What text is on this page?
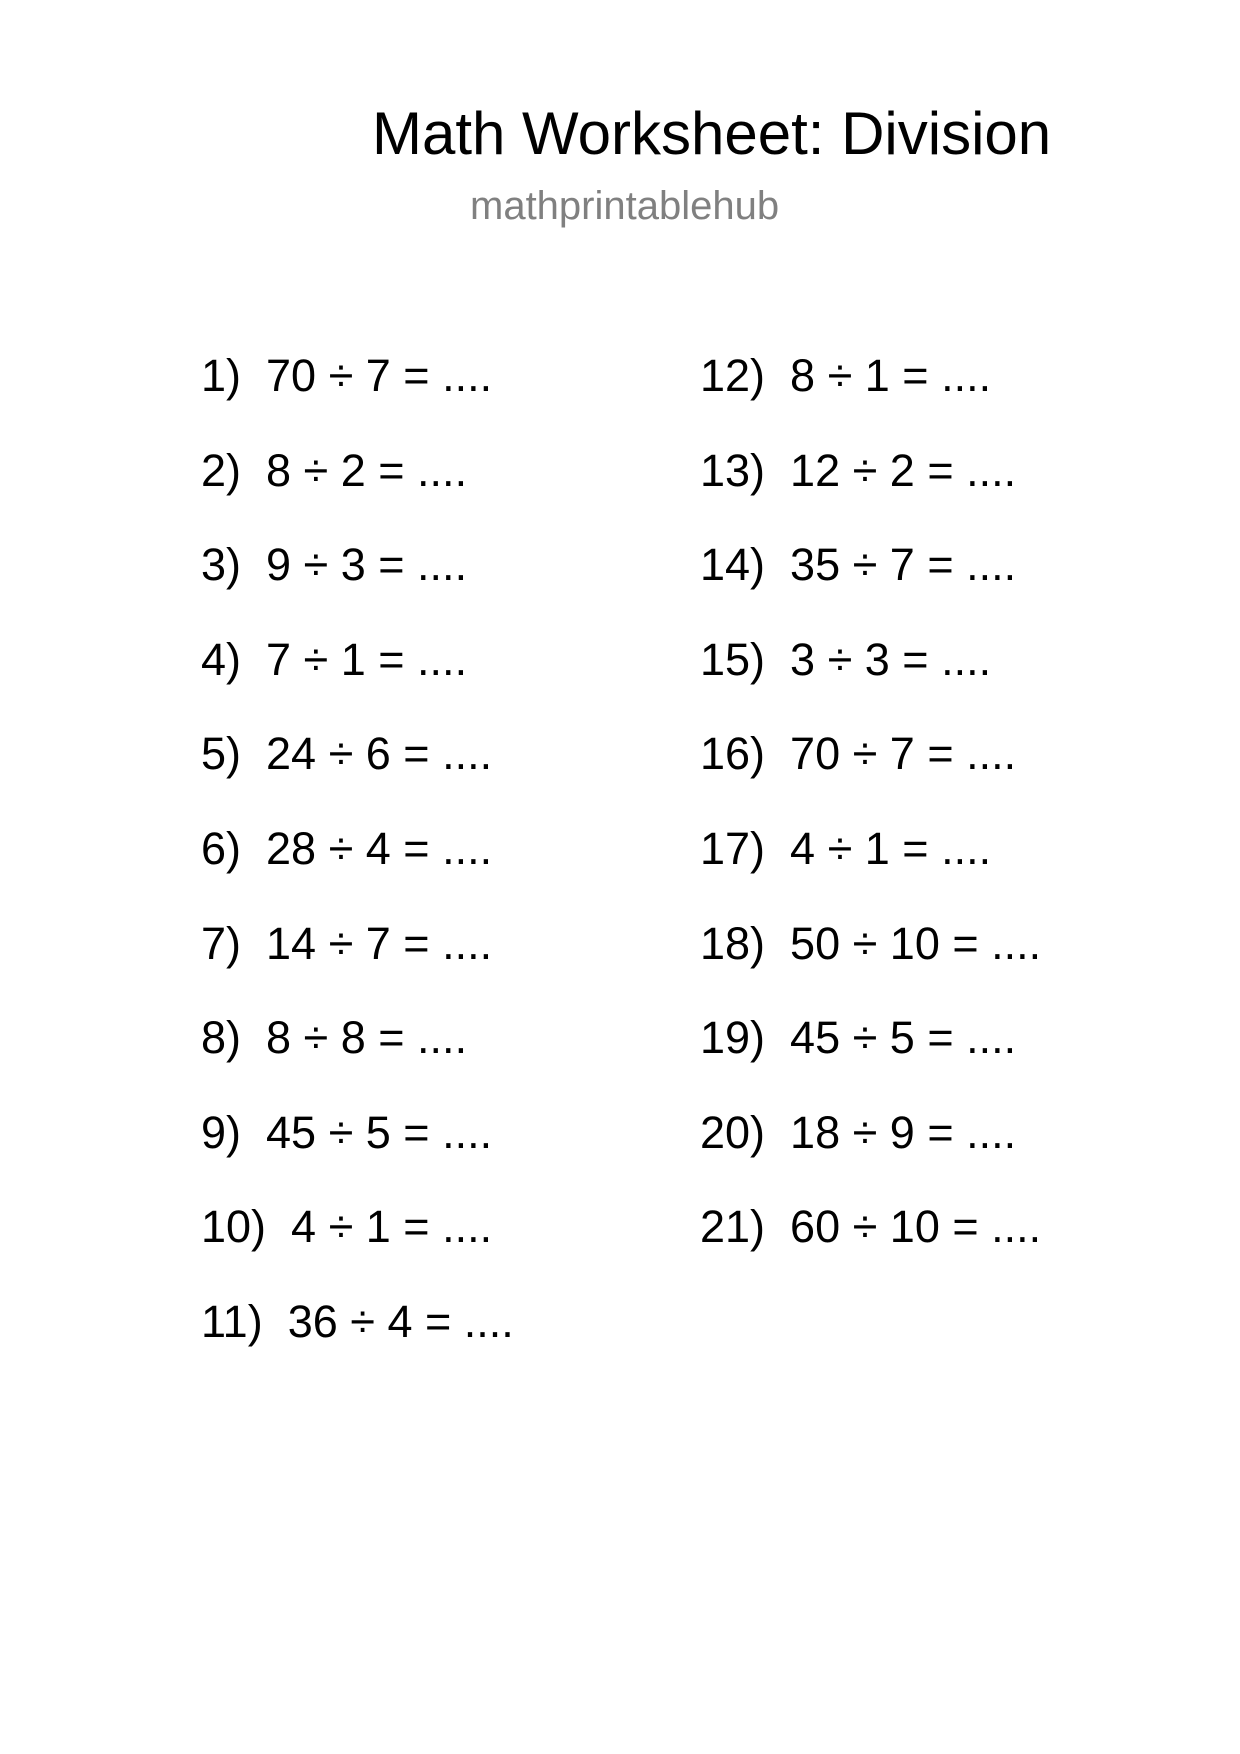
Math Worksheet: Division
mathprintablehub
1)  70 ÷ 7 = ....
2)  8 ÷ 2 = ....
3)  9 ÷ 3 = ....
4)  7 ÷ 1 = ....
5)  24 ÷ 6 = ....
6)  28 ÷ 4 = ....
7)  14 ÷ 7 = ....
8)  8 ÷ 8 = ....
9)  45 ÷ 5 = ....
10)  4 ÷ 1 = ....
11)  36 ÷ 4 = ....
12)  8 ÷ 1 = ....
13)  12 ÷ 2 = ....
14)  35 ÷ 7 = ....
15)  3 ÷ 3 = ....
16)  70 ÷ 7 = ....
17)  4 ÷ 1 = ....
18)  50 ÷ 10 = ....
19)  45 ÷ 5 = ....
20)  18 ÷ 9 = ....
21)  60 ÷ 10 = ....
